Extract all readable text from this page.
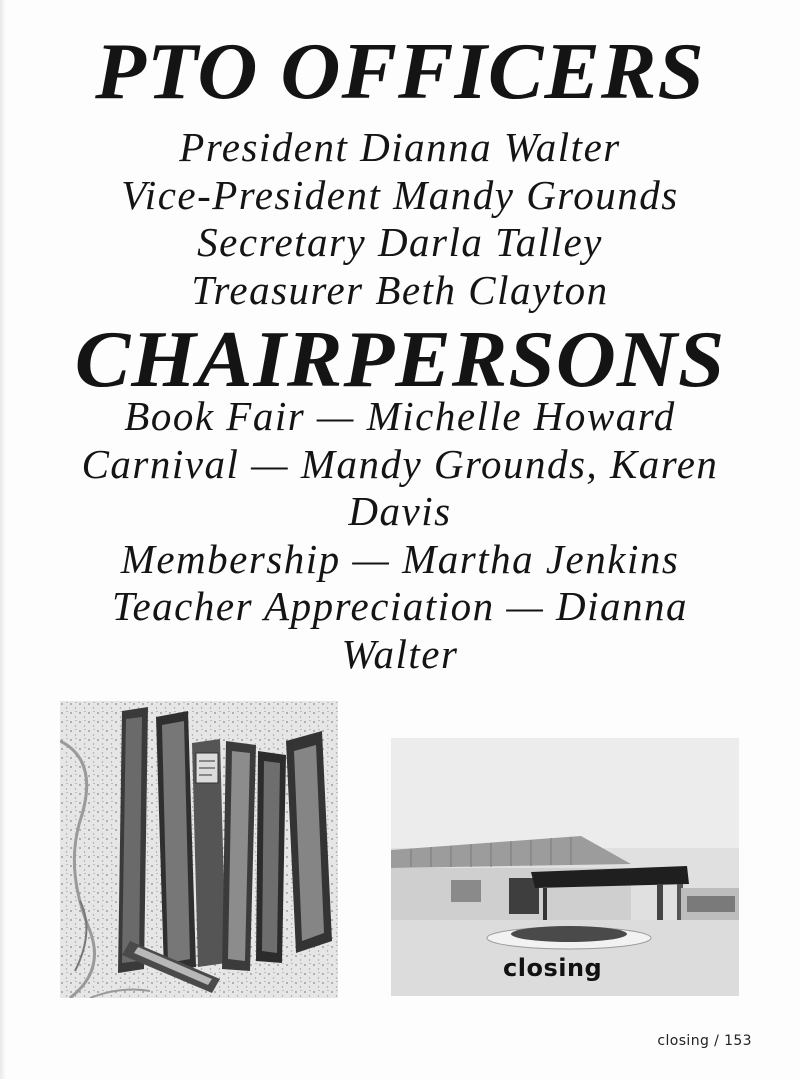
PTO OFFICERS
President Dianna Walter
Vice-President Mandy Grounds
Secretary Darla Talley
Treasurer Beth Clayton
CHAIRPERSONS
Book Fair — Michelle Howard
Carnival — Mandy Grounds, Karen
Davis
Membership — Martha Jenkins
Teacher Appreciation — Dianna
Walter
closing
closing / 153
